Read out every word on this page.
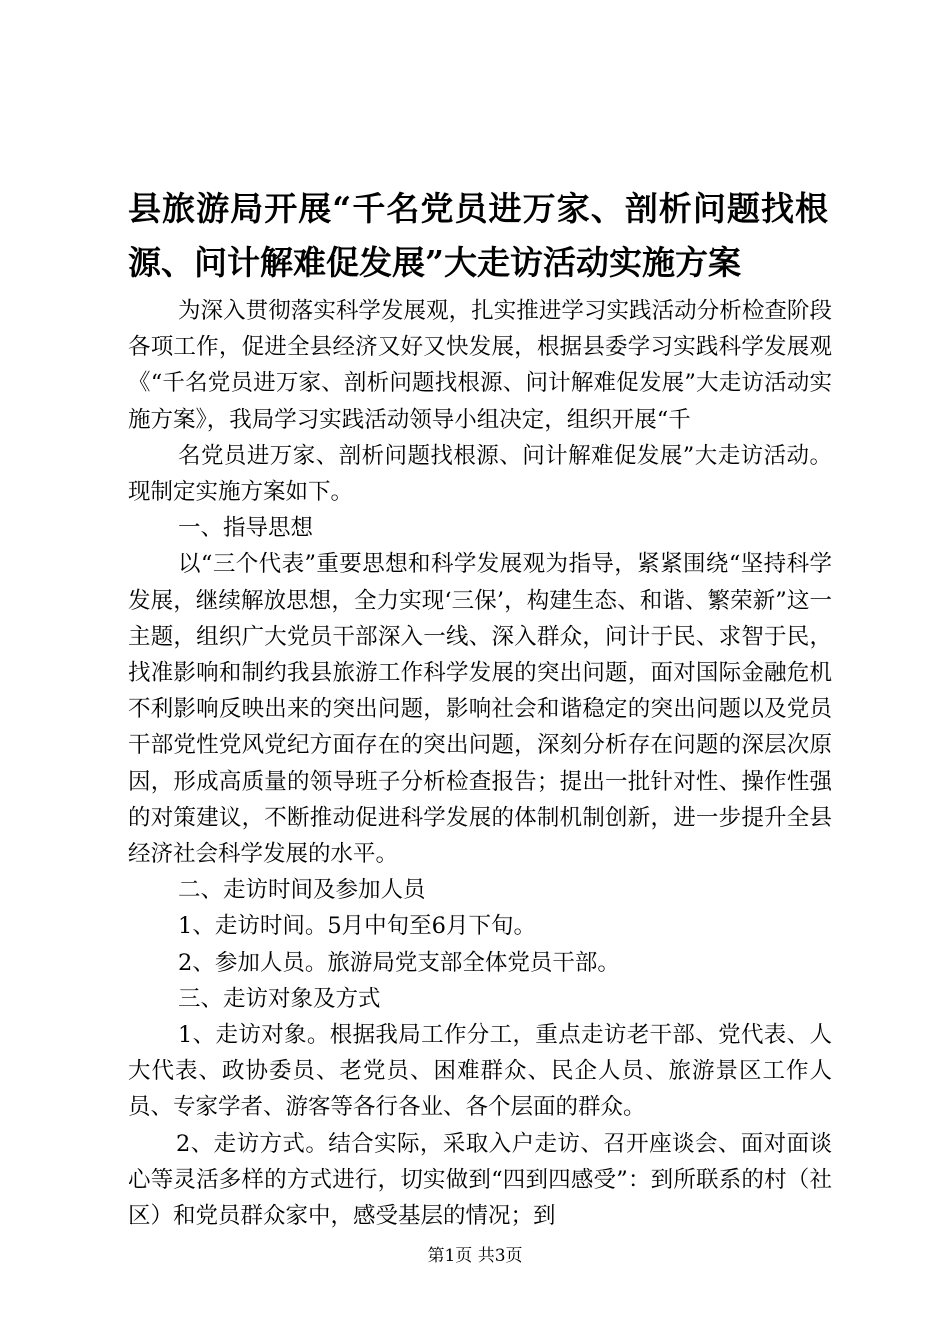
县旅游局开展“千名党员进万家、剖析问题找根源、问计解难促发展”大走访活动实施方案

为深入贯彻落实科学发展观，扎实推进学习实践活动分析检查阶段各项工作，促进全县经济又好又快发展，根据县委学习实践科学发展观《“千名党员进万家、剖析问题找根源、问计解难促发展”大走访活动实施方案》，我局学习实践活动领导小组决定，组织开展“千

名党员进万家、剖析问题找根源、问计解难促发展”大走访活动。现制定实施方案如下。

一、指导思想

以“三个代表”重要思想和科学发展观为指导，紧紧围绕“坚持科学发展，继续解放思想，全力实现‘三保’，构建生态、和谐、繁荣新”这一主题，组织广大党员干部深入一线、深入群众，问计于民、求智于民，找准影响和制约我县旅游工作科学发展的突出问题，面对国际金融危机不利影响反映出来的突出问题，影响社会和谐稳定的突出问题以及党员干部党性党风党纪方面存在的突出问题，深刻分析存在问题的深层次原因，形成高质量的领导班子分析检查报告；提出一批针对性、操作性强的对策建议，不断推动促进科学发展的体制机制创新，进一步提升全县经济社会科学发展的水平。

二、走访时间及参加人员

1、走访时间。5月中旬至6月下旬。

2、参加人员。旅游局党支部全体党员干部。

三、走访对象及方式

1、走访对象。根据我局工作分工，重点走访老干部、党代表、人大代表、政协委员、老党员、困难群众、民企人员、旅游景区工作人员、专家学者、游客等各行各业、各个层面的群众。

2、走访方式。结合实际，采取入户走访、召开座谈会、面对面谈心等灵活多样的方式进行，切实做到“四到四感受”：到所联系的村（社区）和党员群众家中，感受基层的情况；到

第1页 共3页
